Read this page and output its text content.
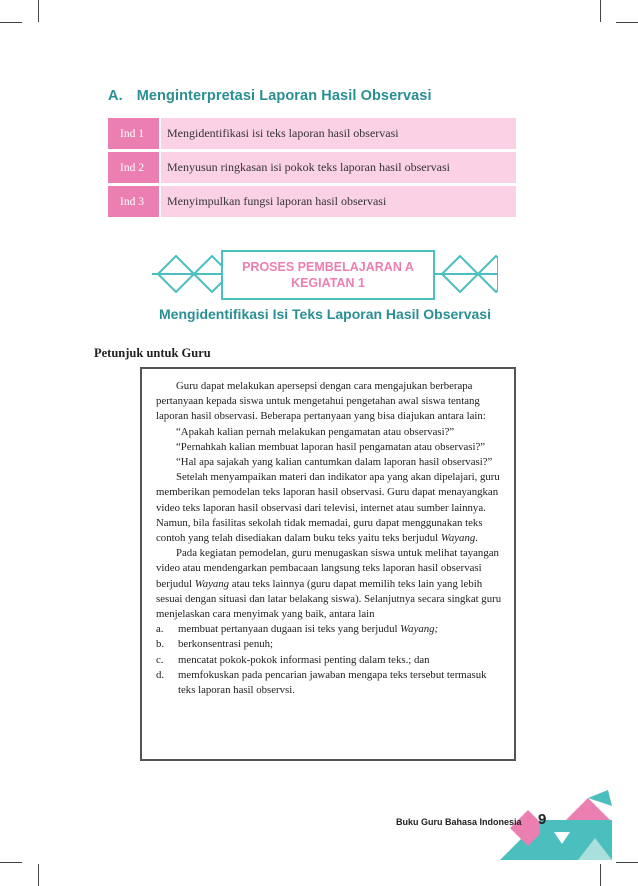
A. Menginterpretasi Laporan Hasil Observasi
Ind 1	Mengidentifikasi isi teks laporan hasil observasi
Ind 2	Menyusun ringkasan isi pokok teks laporan hasil observasi
Ind 3	Menyimpulkan fungsi laporan hasil observasi
PROSES PEMBELAJARAN A
KEGIATAN 1
Mengidentifikasi Isi Teks Laporan Hasil Observasi
Petunjuk untuk Guru

Guru dapat melakukan apersepsi dengan cara mengajukan berberapa pertanyaan kepada siswa untuk mengetahui pengetahan awal siswa tentang laporan hasil observasi. Beberapa pertanyaan yang bisa diajukan antara lain:

“Apakah kalian pernah melakukan pengamatan atau observasi?”

“Pernahkah kalian membuat laporan hasil pengamatan atau observasi?”

“Hal apa sajakah yang kalian cantumkan dalam laporan hasil observasi?”

Setelah menyampaikan materi dan indikator apa yang akan dipelajari, guru memberikan pemodelan teks laporan hasil observasi. Guru dapat menayangkan video teks laporan hasil observasi dari televisi, internet atau sumber lainnya. Namun, bila fasilitas sekolah tidak memadai, guru dapat menggunakan teks contoh yang telah disediakan dalam buku teks yaitu teks berjudul Wayang.

Pada kegiatan pemodelan, guru menugaskan siswa untuk melihat tayangan video atau mendengarkan pembacaan langsung teks laporan hasil observasi berjudul Wayang atau teks lainnya (guru dapat memilih teks lain yang lebih sesuai dengan situasi dan latar belakang siswa). Selanjutnya secara singkat guru menjelaskan cara menyimak yang baik, antara lain

a.	membuat pertanyaan dugaan isi teks yang berjudul Wayang;
b.	berkonsentrasi penuh;
c.	mencatat pokok-pokok informasi penting dalam teks.; dan
d.	memfokuskan pada pencarian jawaban mengapa teks tersebut termasuk teks laporan hasil observsi.
Buku Guru Bahasa Indonesia 9
